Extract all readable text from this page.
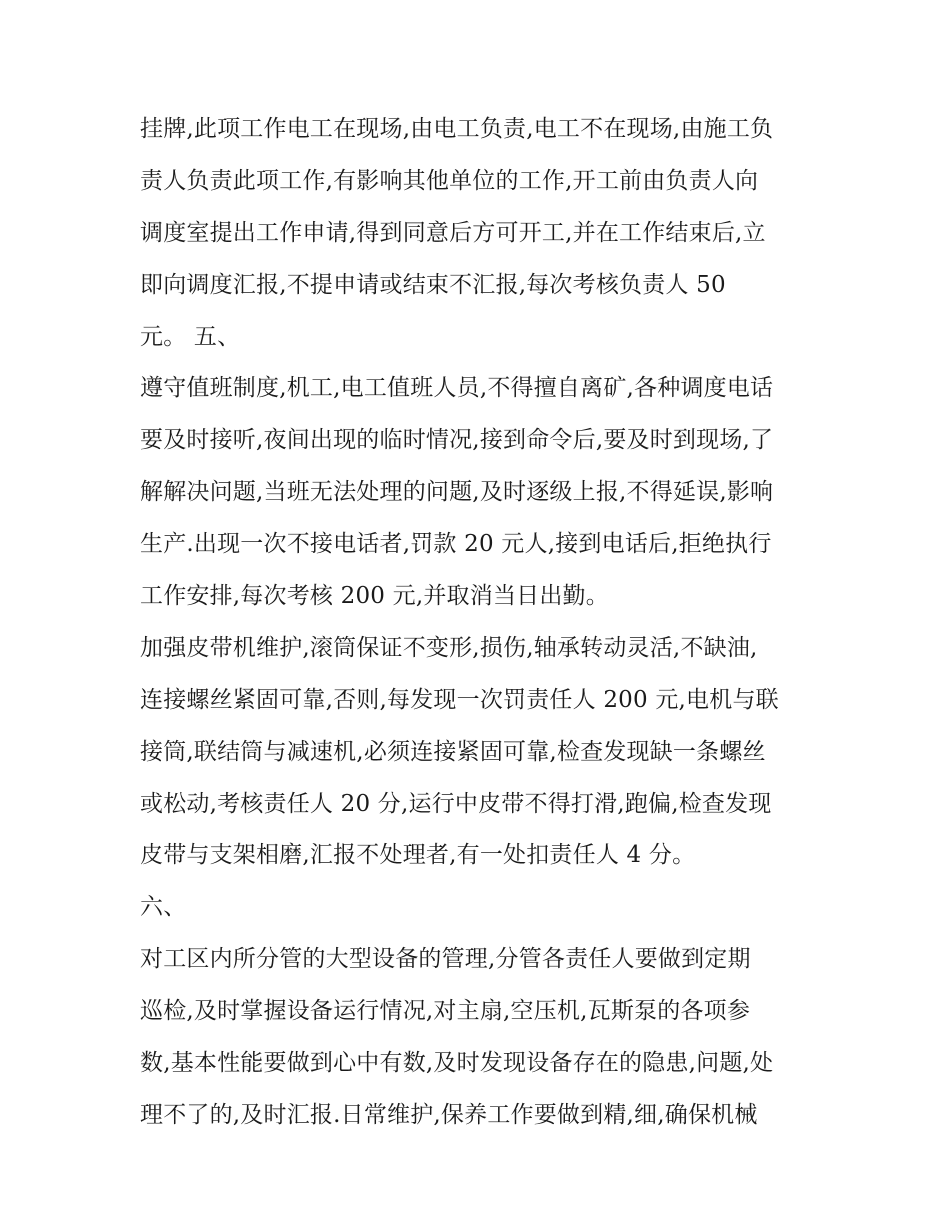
挂牌,此项工作电工在现场,由电工负责,电工不在现场,由施工负
责人负责此项工作,有影响其他单位的工作,开工前由负责人向
调度室提出工作申请,得到同意后方可开工,并在工作结束后,立
即向调度汇报,不提申请或结束不汇报,每次考核负责人 50
元。 五、
遵守值班制度,机工,电工值班人员,不得擅自离矿,各种调度电话
要及时接听,夜间出现的临时情况,接到命令后,要及时到现场,了
解解决问题,当班无法处理的问题,及时逐级上报,不得延误,影响
生产.出现一次不接电话者,罚款 20 元人,接到电话后,拒绝执行
工作安排,每次考核 200 元,并取消当日出勤。
加强皮带机维护,滚筒保证不变形,损伤,轴承转动灵活,不缺油,
连接螺丝紧固可靠,否则,每发现一次罚责任人 200 元,电机与联
接筒,联结筒与减速机,必须连接紧固可靠,检查发现缺一条螺丝
或松动,考核责任人 20 分,运行中皮带不得打滑,跑偏,检查发现
皮带与支架相磨,汇报不处理者,有一处扣责任人 4 分。
六、
对工区内所分管的大型设备的管理,分管各责任人要做到定期
巡检,及时掌握设备运行情况,对主扇,空压机,瓦斯泵的各项参
数,基本性能要做到心中有数,及时发现设备存在的隐患,问题,处
理不了的,及时汇报.日常维护,保养工作要做到精,细,确保机械
